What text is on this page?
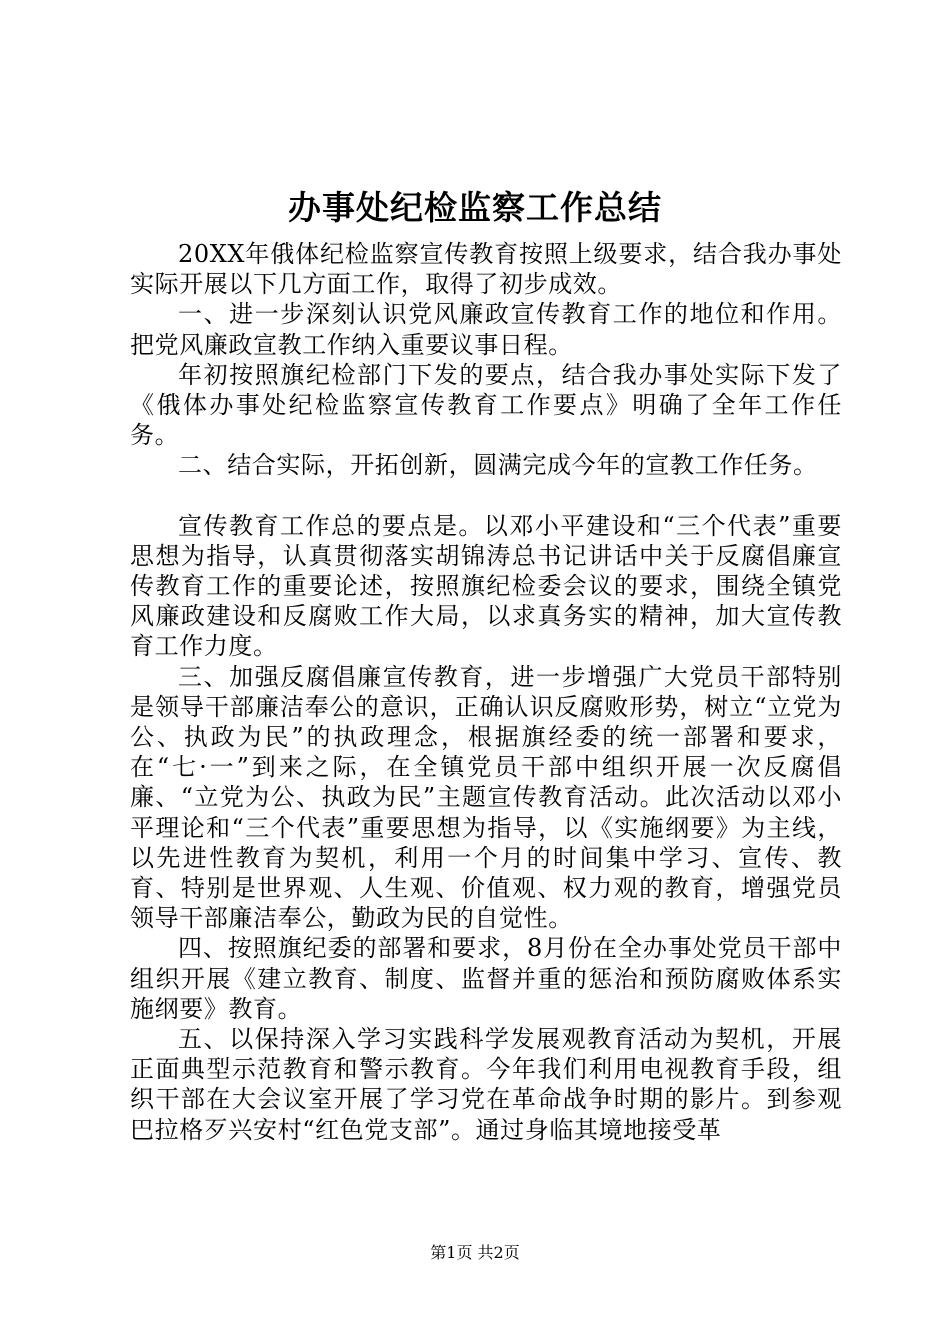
办事处纪检监察工作总结

20XX年俄体纪检监察宣传教育按照上级要求，结合我办事处实际开展以下几方面工作，取得了初步成效。

一、进一步深刻认识党风廉政宣传教育工作的地位和作用。把党风廉政宣教工作纳入重要议事日程。

年初按照旗纪检部门下发的要点，结合我办事处实际下发了《俄体办事处纪检监察宣传教育工作要点》明确了全年工作任务。

二、结合实际，开拓创新，圆满完成今年的宣教工作任务。

宣传教育工作总的要点是。以邓小平建设和“三个代表”重要思想为指导，认真贯彻落实胡锦涛总书记讲话中关于反腐倡廉宣传教育工作的重要论述，按照旗纪检委会议的要求，围绕全镇党风廉政建设和反腐败工作大局，以求真务实的精神，加大宣传教育工作力度。

三、加强反腐倡廉宣传教育，进一步增强广大党员干部特别是领导干部廉洁奉公的意识，正确认识反腐败形势，树立“立党为公、执政为民”的执政理念，根据旗经委的统一部署和要求，在“七·一”到来之际，在全镇党员干部中组织开展一次反腐倡廉、“立党为公、执政为民”主题宣传教育活动。此次活动以邓小平理论和“三个代表”重要思想为指导，以《实施纲要》为主线，以先进性教育为契机，利用一个月的时间集中学习、宣传、教育、特别是世界观、人生观、价值观、权力观的教育，增强党员领导干部廉洁奉公，勤政为民的自觉性。

四、按照旗纪委的部署和要求，8月份在全办事处党员干部中组织开展《建立教育、制度、监督并重的惩治和预防腐败体系实施纲要》教育。

五、以保持深入学习实践科学发展观教育活动为契机，开展正面典型示范教育和警示教育。今年我们利用电视教育手段，组织干部在大会议室开展了学习党在革命战争时期的影片。到参观巴拉格歹兴安村“红色党支部”。通过身临其境地接受革

第1页 共2页
